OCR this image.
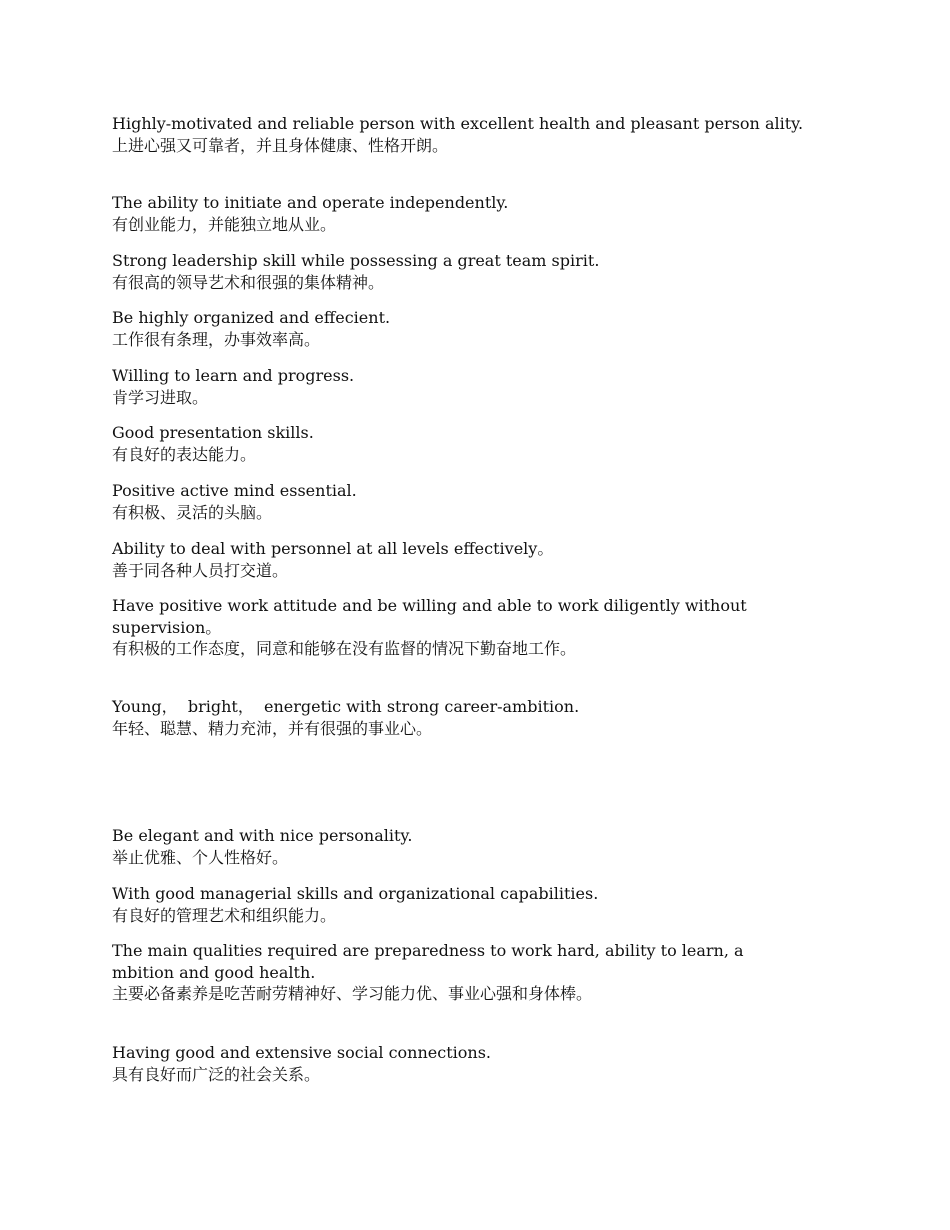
Highly-motivated and reliable person with excellent health and pleasant person ality.
上进心强又可靠者，并且身体健康、性格开朗。
The ability to initiate and operate independently.
有创业能力，并能独立地从业。
Strong leadership skill while possessing a great team spirit.
有很高的领导艺术和很强的集体精神。
Be highly organized and effecient.
工作很有条理，办事效率高。
Willing to learn and progress.
肯学习进取。
Good presentation skills.
有良好的表达能力。
Positive active mind essential.
有积极、灵活的头脑。
Ability to deal with personnel at all levels effectively。
善于同各种人员打交道。
Have positive work attitude and be willing and able to work diligently without
supervision。
有积极的工作态度，同意和能够在没有监督的情况下勤奋地工作。
Young，  bright，  energetic with strong career-ambition.
年轻、聪慧、精力充沛，并有很强的事业心。
Be elegant and with nice personality.
举止优雅、个人性格好。
With good managerial skills and organizational capabilities.
有良好的管理艺术和组织能力。
The main qualities required are preparedness to work hard, ability to learn, a
mbition and good health.
主要必备素养是吃苦耐劳精神好、学习能力优、事业心强和身体棒。
Having good and extensive social connections.
具有良好而广泛的社会关系。
